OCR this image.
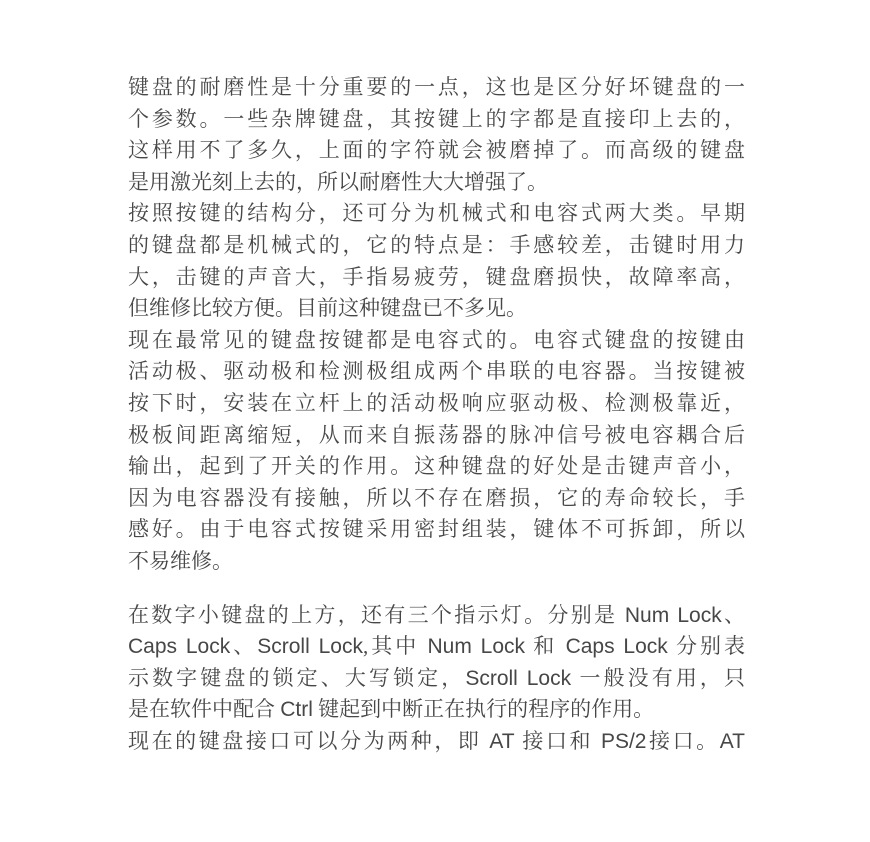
键盘的耐磨性是十分重要的一点，这也是区分好坏键盘的一
个参数。一些杂牌键盘，其按键上的字都是直接印上去的，
这样用不了多久，上面的字符就会被磨掉了。而高级的键盘
是用激光刻上去的，所以耐磨性大大增强了。
按照按键的结构分，还可分为机械式和电容式两大类。早期
的键盘都是机械式的，它的特点是：手感较差，击键时用力
大，击键的声音大，手指易疲劳，键盘磨损快，故障率高，
但维修比较方便。目前这种键盘已不多见。
现在最常见的键盘按键都是电容式的。电容式键盘的按键由
活动极、驱动极和检测极组成两个串联的电容器。当按键被
按下时，安装在立杆上的活动极响应驱动极、检测极靠近，
极板间距离缩短，从而来自振荡器的脉冲信号被电容耦合后
输出，起到了开关的作用。这种键盘的好处是击键声音小，
因为电容器没有接触，所以不存在磨损，它的寿命较长，手
感好。由于电容式按键采用密封组装，键体不可拆卸，所以
不易维修。
在数字小键盘的上方，还有三个指示灯。分别是 Num Lock、
Caps Lock、Scroll Lock,其中 Num Lock 和 Caps Lock 分别表
示数字键盘的锁定、大写锁定，Scroll Lock 一般没有用，只
是在软件中配合 Ctrl 键起到中断正在执行的程序的作用。
现在的键盘接口可以分为两种，即 AT 接口和 PS/2接口。AT
